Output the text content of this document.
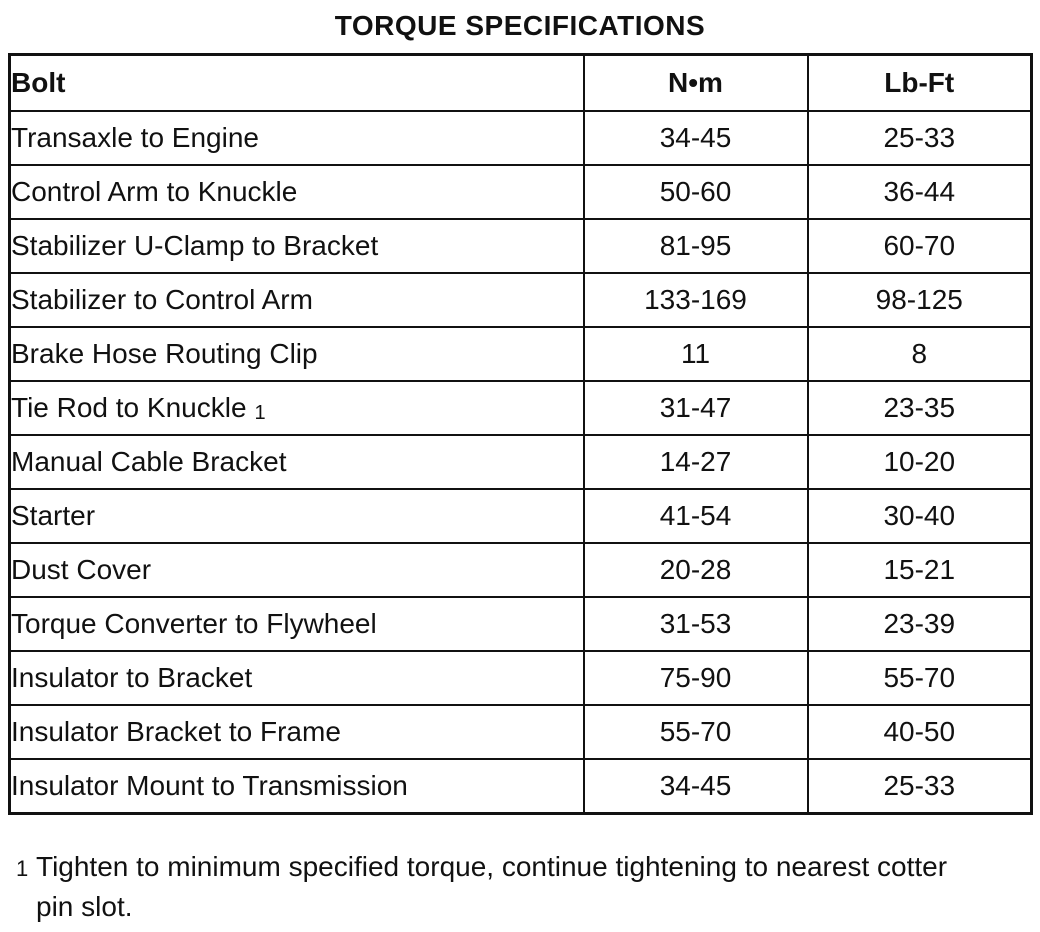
TORQUE SPECIFICATIONS
Bolt	N•m	Lb-Ft
Transaxle to Engine	34-45	25-33
Control Arm to Knuckle	50-60	36-44
Stabilizer U-Clamp to Bracket	81-95	60-70
Stabilizer to Control Arm	133-169	98-125
Brake Hose Routing Clip	11	8
Tie Rod to Knuckle 1	31-47	23-35
Manual Cable Bracket	14-27	10-20
Starter	41-54	30-40
Dust Cover	20-28	15-21
Torque Converter to Flywheel	31-53	23-39
Insulator to Bracket	75-90	55-70
Insulator Bracket to Frame	55-70	40-50
Insulator Mount to Transmission	34-45	25-33
1 Tighten to minimum specified torque, continue tightening to nearest cotter
pin slot.
